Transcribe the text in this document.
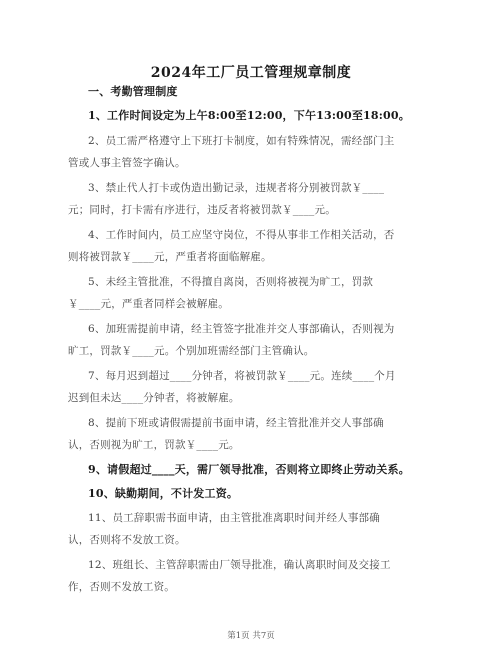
2024年工厂员工管理规章制度
一、考勤管理制度
1、工作时间设定为上午8:00至12:00，下午13:00至18:00。
2、员工需严格遵守上下班打卡制度，如有特殊情况，需经部门主
管或人事主管签字确认。
3、禁止代人打卡或伪造出勤记录，违规者将分别被罚款￥____
元；同时，打卡需有序进行，违反者将被罚款￥____元。
4、工作时间内，员工应坚守岗位，不得从事非工作相关活动，否
则将被罚款￥____元，严重者将面临解雇。
5、未经主管批准，不得擅自离岗，否则将被视为旷工，罚款
￥____元，严重者同样会被解雇。
6、加班需提前申请，经主管签字批准并交人事部确认，否则视为
旷工，罚款￥____元。个别加班需经部门主管确认。
7、每月迟到超过____分钟者，将被罚款￥____元。连续____个月
迟到但未达____分钟者，将被解雇。
8、提前下班或请假需提前书面申请，经主管批准并交人事部确
认，否则视为旷工，罚款￥____元。
9、请假超过____天，需厂领导批准，否则将立即终止劳动关系。
10、缺勤期间，不计发工资。
11、员工辞职需书面申请，由主管批准离职时间并经人事部确
认，否则将不发放工资。
12、班组长、主管辞职需由厂领导批准，确认离职时间及交接工
作，否则不发放工资。
第1页 共7页
